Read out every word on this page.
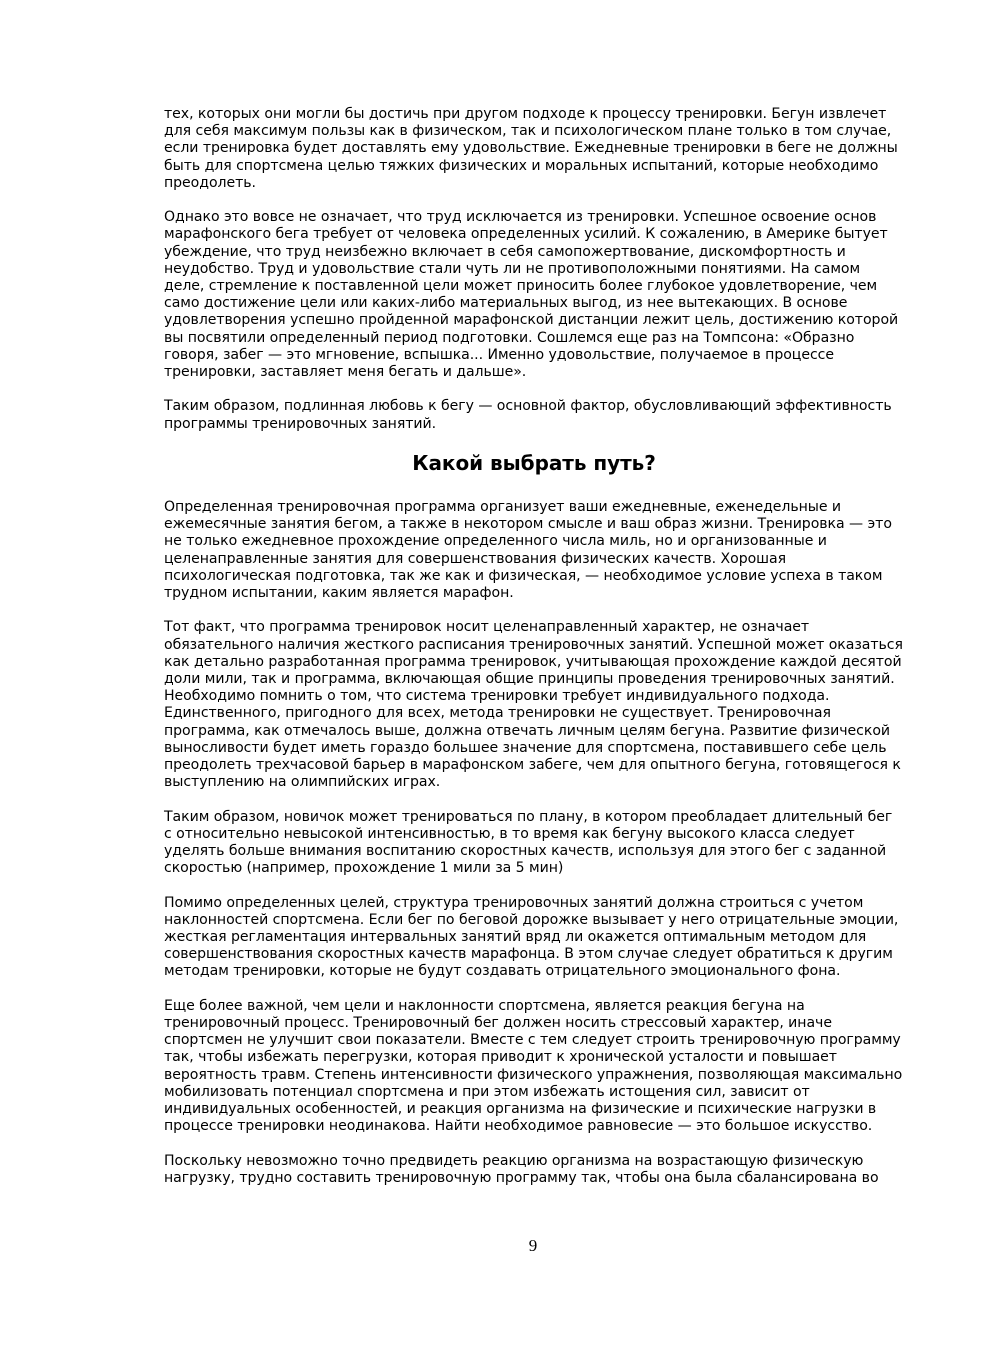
тех, которых они могли бы достичь при другом подходе к процессу тренировки. Бегун извлечет для себя максимум пользы как в физическом, так и психологическом плане только в том случае, если тренировка будет доставлять ему удовольствие. Ежедневные тренировки в беге не должны быть для спортсмена целью тяжких физических и моральных испытаний, которые необходимо преодолеть.

Однако это вовсе не означает, что труд исключается из тренировки. Успешное освоение основ марафонского бега требует от человека определенных усилий. К сожалению, в Америке бытует убеждение, что труд неизбежно включает в себя самопожертвование, дискомфортность и неудобство. Труд и удовольствие стали чуть ли не противоположными понятиями. На самом деле, стремление к поставленной цели может приносить более глубокое удовлетворение, чем само достижение цели или каких-либо материальных выгод, из нее вытекающих. В основе удовлетворения успешно пройденной марафонской дистанции лежит цель, достижению которой вы посвятили определенный период подготовки. Сошлемся еще раз на Томпсона: «Образно говоря, забег — это мгновение, вспышка... Именно удовольствие, получаемое в процессе тренировки, заставляет меня бегать и дальше».

Таким образом, подлинная любовь к бегу — основной фактор, обусловливающий эффективность программы тренировочных занятий.

Какой выбрать путь?

Определенная тренировочная программа организует ваши ежедневные, еженедельные и ежемесячные занятия бегом, а также в некотором смысле и ваш образ жизни. Тренировка — это не только ежедневное прохождение определенного числа миль, но и организованные и целенаправленные занятия для совершенствования физических качеств. Хорошая психологическая подготовка, так же как и физическая, — необходимое условие успеха в таком трудном испытании, каким является марафон.

Тот факт, что программа тренировок носит целенаправленный характер, не означает обязательного наличия жесткого расписания тренировочных занятий. Успешной может оказаться как детально разработанная программа тренировок, учитывающая прохождение каждой десятой доли мили, так и программа, включающая общие принципы проведения тренировочных занятий. Необходимо помнить о том, что система тренировки требует индивидуального подхода. Единственного, пригодного для всех, метода тренировки не существует. Тренировочная программа, как отмечалось выше, должна отвечать личным целям бегуна. Развитие физической выносливости будет иметь гораздо большее значение для спортсмена, поставившего себе цель преодолеть трехчасовой барьер в марафонском забеге, чем для опытного бегуна, готовящегося к выступлению на олимпийских играх.

Таким образом, новичок может тренироваться по плану, в котором преобладает длительный бег с относительно невысокой интенсивностью, в то время как бегуну высокого класса следует уделять больше внимания воспитанию скоростных качеств, используя для этого бег с заданной скоростью (например, прохождение 1 мили за 5 мин)

Помимо определенных целей, структура тренировочных занятий должна строиться с учетом наклонностей спортсмена. Если бег по беговой дорожке вызывает у него отрицательные эмоции, жесткая регламентация интервальных занятий вряд ли окажется оптимальным методом для совершенствования скоростных качеств марафонца. В этом случае следует обратиться к другим методам тренировки, которые не будут создавать отрицательного эмоционального фона.

Еще более важной, чем цели и наклонности спортсмена, является реакция бегуна на тренировочный процесс. Тренировочный бег должен носить стрессовый характер, иначе спортсмен не улучшит свои показатели. Вместе с тем следует строить тренировочную программу так, чтобы избежать перегрузки, которая приводит к хронической усталости и повышает вероятность травм. Степень интенсивности физического упражнения, позволяющая максимально мобилизовать потенциал спортсмена и при этом избежать истощения сил, зависит от индивидуальных особенностей, и реакция организма на физические и психические нагрузки в процессе тренировки неодинакова. Найти необходимое равновесие — это большое искусство.

Поскольку невозможно точно предвидеть реакцию организма на возрастающую физическую нагрузку, трудно составить тренировочную программу так, чтобы она была сбалансирована во

9
